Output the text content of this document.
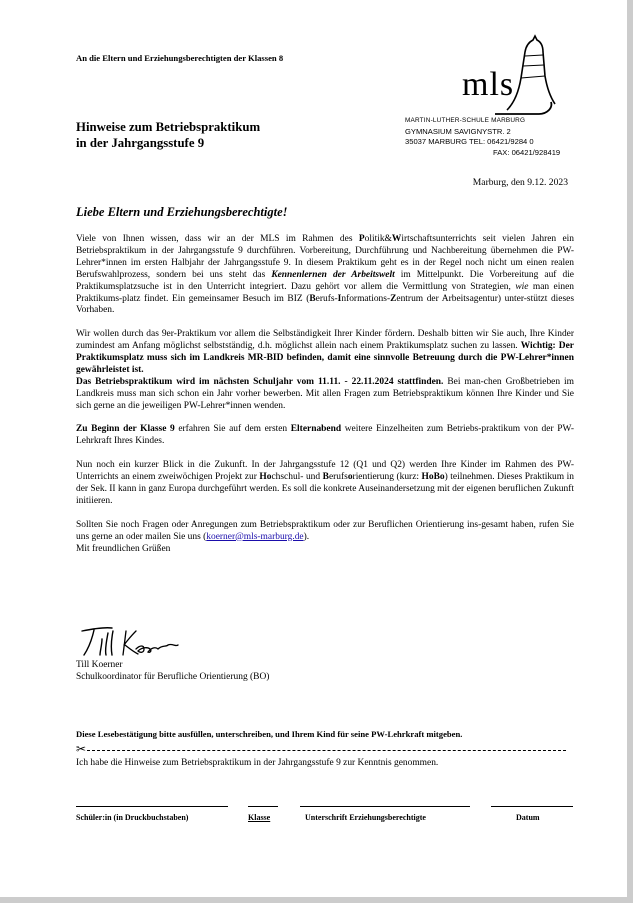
An die Eltern und Erziehungsberechtigten der Klassen 8
mls
MARTIN-LUTHER-SCHULE MARBURG
GYMNASIUM SAVIGNYSTR. 2
35037 MARBURG TEL: 06421/9284 0
FAX: 06421/928419
Hinweise zum Betriebspraktikum
in der Jahrgangsstufe 9
Marburg, den 9.12. 2023
Liebe Eltern und Erziehungsberechtigte!

Viele von Ihnen wissen, dass wir an der MLS im Rahmen des Politik&Wirtschaftsunterrichts seit vielen Jahren ein Betriebspraktikum in der Jahrgangsstufe 9 durchführen. Vorbereitung, Durchführung und Nachbereitung übernehmen die PW-Lehrer*innen im ersten Halbjahr der Jahrgangsstufe 9. In diesem Praktikum geht es in der Regel noch nicht um einen realen Berufswahlprozess, sondern bei uns steht das Kennenlernen der Arbeitswelt im Mittelpunkt. Die Vorbereitung auf die Praktikumsplatzsuche ist in den Unterricht integriert. Dazu gehört vor allem die Vermittlung von Strategien, wie man einen Praktikums-platz findet. Ein gemeinsamer Besuch im BIZ (Berufs-Informations-Zentrum der Arbeitsagentur) unter-stützt dieses Vorhaben.

Wir wollen durch das 9er-Praktikum vor allem die Selbständigkeit Ihrer Kinder fördern. Deshalb bitten wir Sie auch, Ihre Kinder zumindest am Anfang möglichst selbstständig, d.h. möglichst allein nach einem Praktikumsplatz suchen zu lassen. Wichtig: Der Praktikumsplatz muss sich im Landkreis MR-BID befinden, damit eine sinnvolle Betreuung durch die PW-Lehrer*innen gewährleistet ist.
Das Betriebspraktikum wird im nächsten Schuljahr vom 11.11. - 22.11.2024 stattfinden. Bei man-chen Großbetrieben im Landkreis muss man sich schon ein Jahr vorher bewerben. Mit allen Fragen zum Betriebspraktikum können Ihre Kinder und Sie sich gerne an die jeweiligen PW-Lehrer*innen wenden.

Zu Beginn der Klasse 9 erfahren Sie auf dem ersten Elternabend weitere Einzelheiten zum Betriebs-praktikum von der PW-Lehrkraft Ihres Kindes.

Nun noch ein kurzer Blick in die Zukunft. In der Jahrgangsstufe 12 (Q1 und Q2) werden Ihre Kinder im Rahmen des PW-Unterrichts an einem zweiwöchigen Projekt zur Hochschul- und Berufsorientierung (kurz: HoBo) teilnehmen. Dieses Praktikum in der Sek. II kann in ganz Europa durchgeführt werden. Es soll die konkrete Auseinandersetzung mit der eigenen beruflichen Zukunft initiieren.

Sollten Sie noch Fragen oder Anregungen zum Betriebspraktikum oder zur Beruflichen Orientierung ins-gesamt haben, rufen Sie uns gerne an oder mailen Sie uns (koerner@mls-marburg.de).
Mit freundlichen Grüßen

Till Koerner
Schulkoordinator für Berufliche Orientierung (BO)
Diese Lesebestätigung bitte ausfüllen, unterschreiben, und Ihrem Kind für seine PW-Lehrkraft mitgeben.
✂
Ich habe die Hinweise zum Betriebspraktikum in der Jahrgangsstufe 9 zur Kenntnis genommen.
Schüler:in (in Druckbuchstaben)	Klasse	Unterschrift Erziehungsberechtigte	Datum
